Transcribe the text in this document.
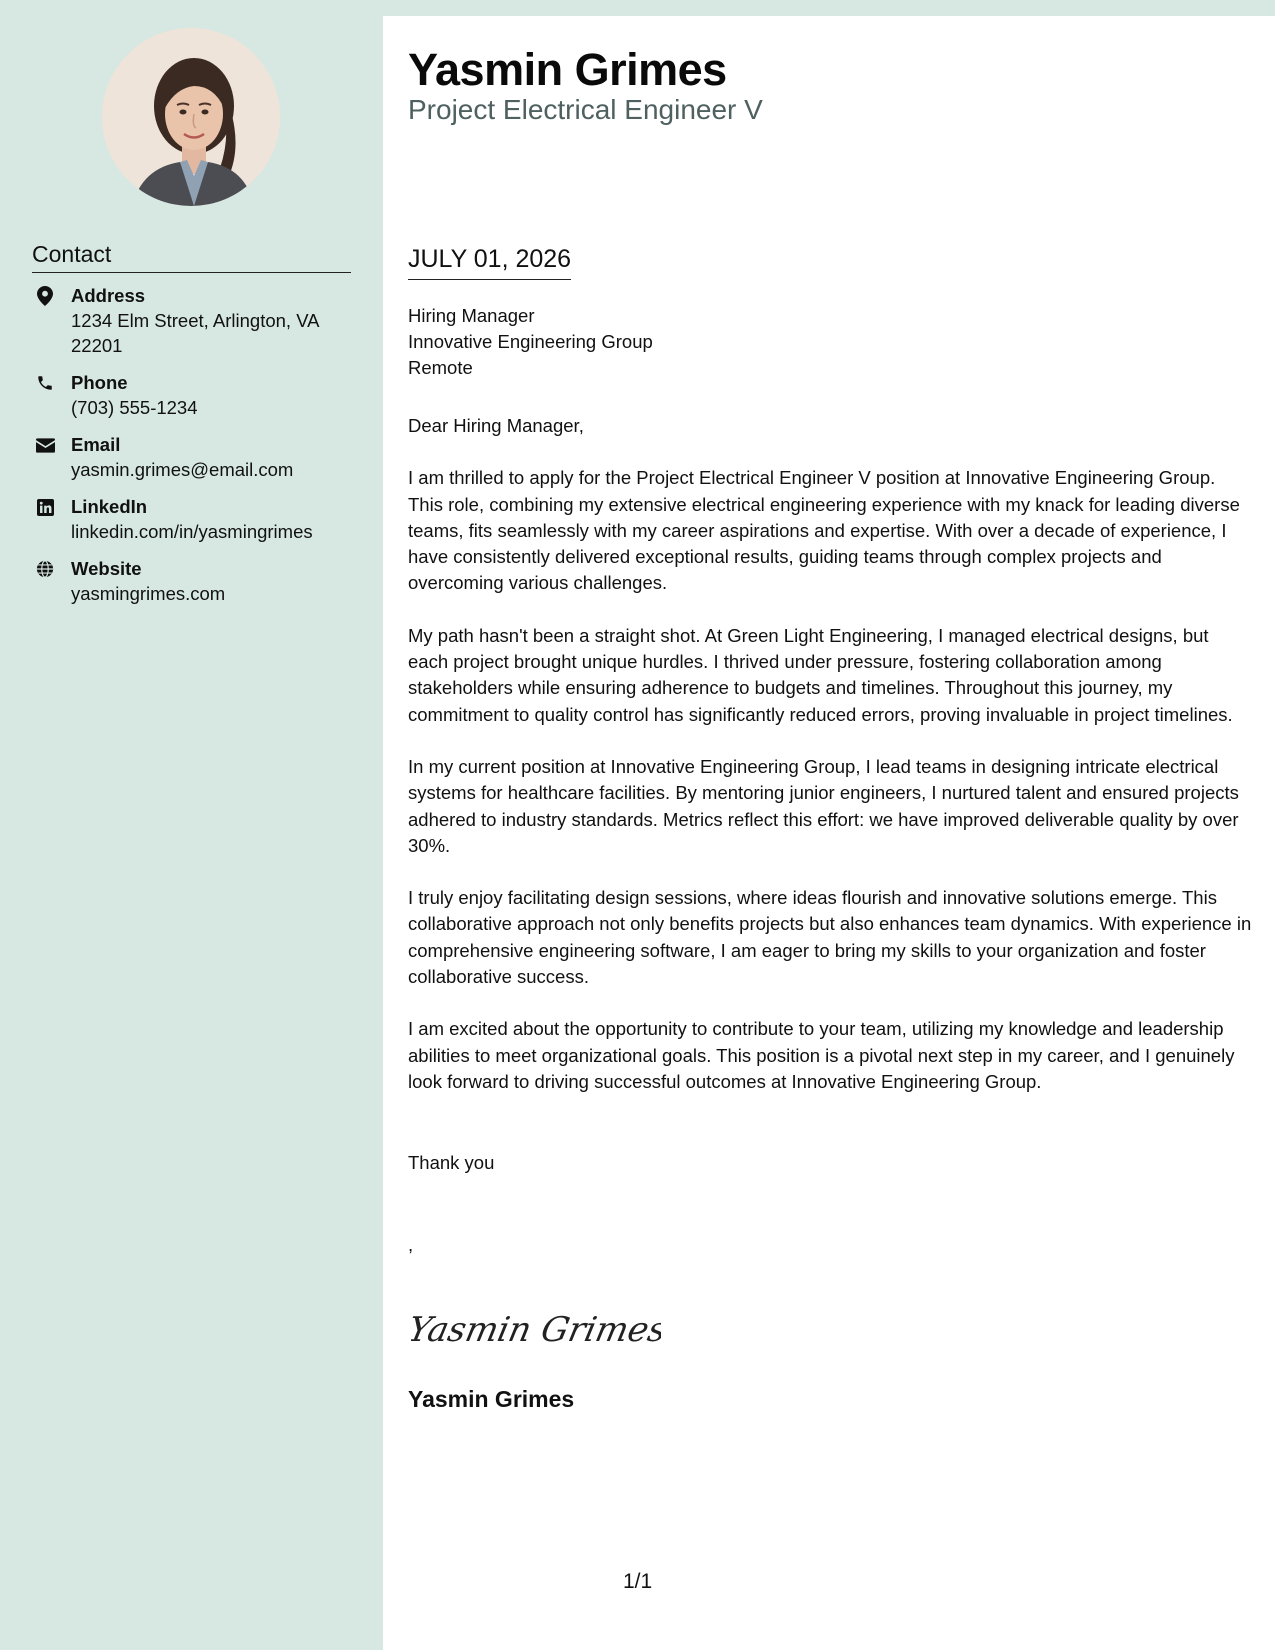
Contact
Address
1234 Elm Street, Arlington, VA 22201
Phone
(703) 555-1234
Email
yasmin.grimes@email.com
LinkedIn
linkedin.com/in/yasmingrimes
Website
yasmingrimes.com
Yasmin Grimes
Project Electrical Engineer V
JULY 01, 2026
Hiring Manager
Innovative Engineering Group
Remote

Dear Hiring Manager,

I am thrilled to apply for the Project Electrical Engineer V position at Innovative Engineering Group. This role, combining my extensive electrical engineering experience with my knack for leading diverse teams, fits seamlessly with my career aspirations and expertise. With over a decade of experience, I have consistently delivered exceptional results, guiding teams through complex projects and overcoming various challenges.

My path hasn't been a straight shot. At Green Light Engineering, I managed electrical designs, but each project brought unique hurdles. I thrived under pressure, fostering collaboration among stakeholders while ensuring adherence to budgets and timelines. Throughout this journey, my commitment to quality control has significantly reduced errors, proving invaluable in project timelines.

In my current position at Innovative Engineering Group, I lead teams in designing intricate electrical systems for healthcare facilities. By mentoring junior engineers, I nurtured talent and ensured projects adhered to industry standards. Metrics reflect this effort: we have improved deliverable quality by over 30%.

I truly enjoy facilitating design sessions, where ideas flourish and innovative solutions emerge. This collaborative approach not only benefits projects but also enhances team dynamics. With experience in comprehensive engineering software, I am eager to bring my skills to your organization and foster collaborative success.

I am excited about the opportunity to contribute to your team, utilizing my knowledge and leadership abilities to meet organizational goals. This position is a pivotal next step in my career, and I genuinely look forward to driving successful outcomes at Innovative Engineering Group.

Thank you
,
Yasmin Grimes
Yasmin Grimes
1/1
